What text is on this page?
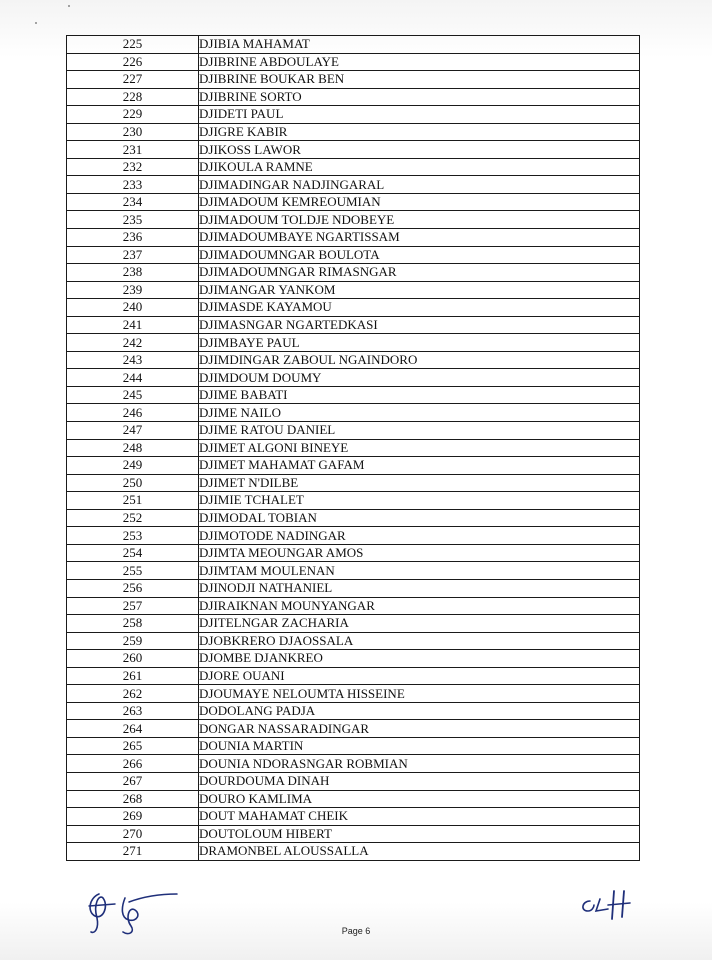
225	DJIBIA MAHAMAT
226	DJIBRINE ABDOULAYE
227	DJIBRINE BOUKAR BEN
228	DJIBRINE SORTO
229	DJIDETI PAUL
230	DJIGRE KABIR
231	DJIKOSS LAWOR
232	DJIKOULA RAMNE
233	DJIMADINGAR NADJINGARAL
234	DJIMADOUM KEMREOUMIAN
235	DJIMADOUM TOLDJE NDOBEYE
236	DJIMADOUMBAYE NGARTISSAM
237	DJIMADOUMNGAR BOULOTA
238	DJIMADOUMNGAR RIMASNGAR
239	DJIMANGAR YANKOM
240	DJIMASDE KAYAMOU
241	DJIMASNGAR NGARTEDKASI
242	DJIMBAYE PAUL
243	DJIMDINGAR ZABOUL NGAINDORO
244	DJIMDOUM DOUMY
245	DJIME BABATI
246	DJIME NAILO
247	DJIME RATOU DANIEL
248	DJIMET ALGONI BINEYE
249	DJIMET MAHAMAT GAFAM
250	DJIMET N'DILBE
251	DJIMIE TCHALET
252	DJIMODAL TOBIAN
253	DJIMOTODE NADINGAR
254	DJIMTA MEOUNGAR AMOS
255	DJIMTAM MOULENAN
256	DJINODJI NATHANIEL
257	DJIRAIKNAN MOUNYANGAR
258	DJITELNGAR ZACHARIA
259	DJOBKRERO DJAOSSALA
260	DJOMBE DJANKREO
261	DJORE OUANI
262	DJOUMAYE NELOUMTA HISSEINE
263	DODOLANG PADJA
264	DONGAR NASSARADINGAR
265	DOUNIA MARTIN
266	DOUNIA NDORASNGAR ROBMIAN
267	DOURDOUMA DINAH
268	DOURO KAMLIMA
269	DOUT MAHAMAT CHEIK
270	DOUTOLOUM HIBERT
271	DRAMONBEL ALOUSSALLA
Page 6
